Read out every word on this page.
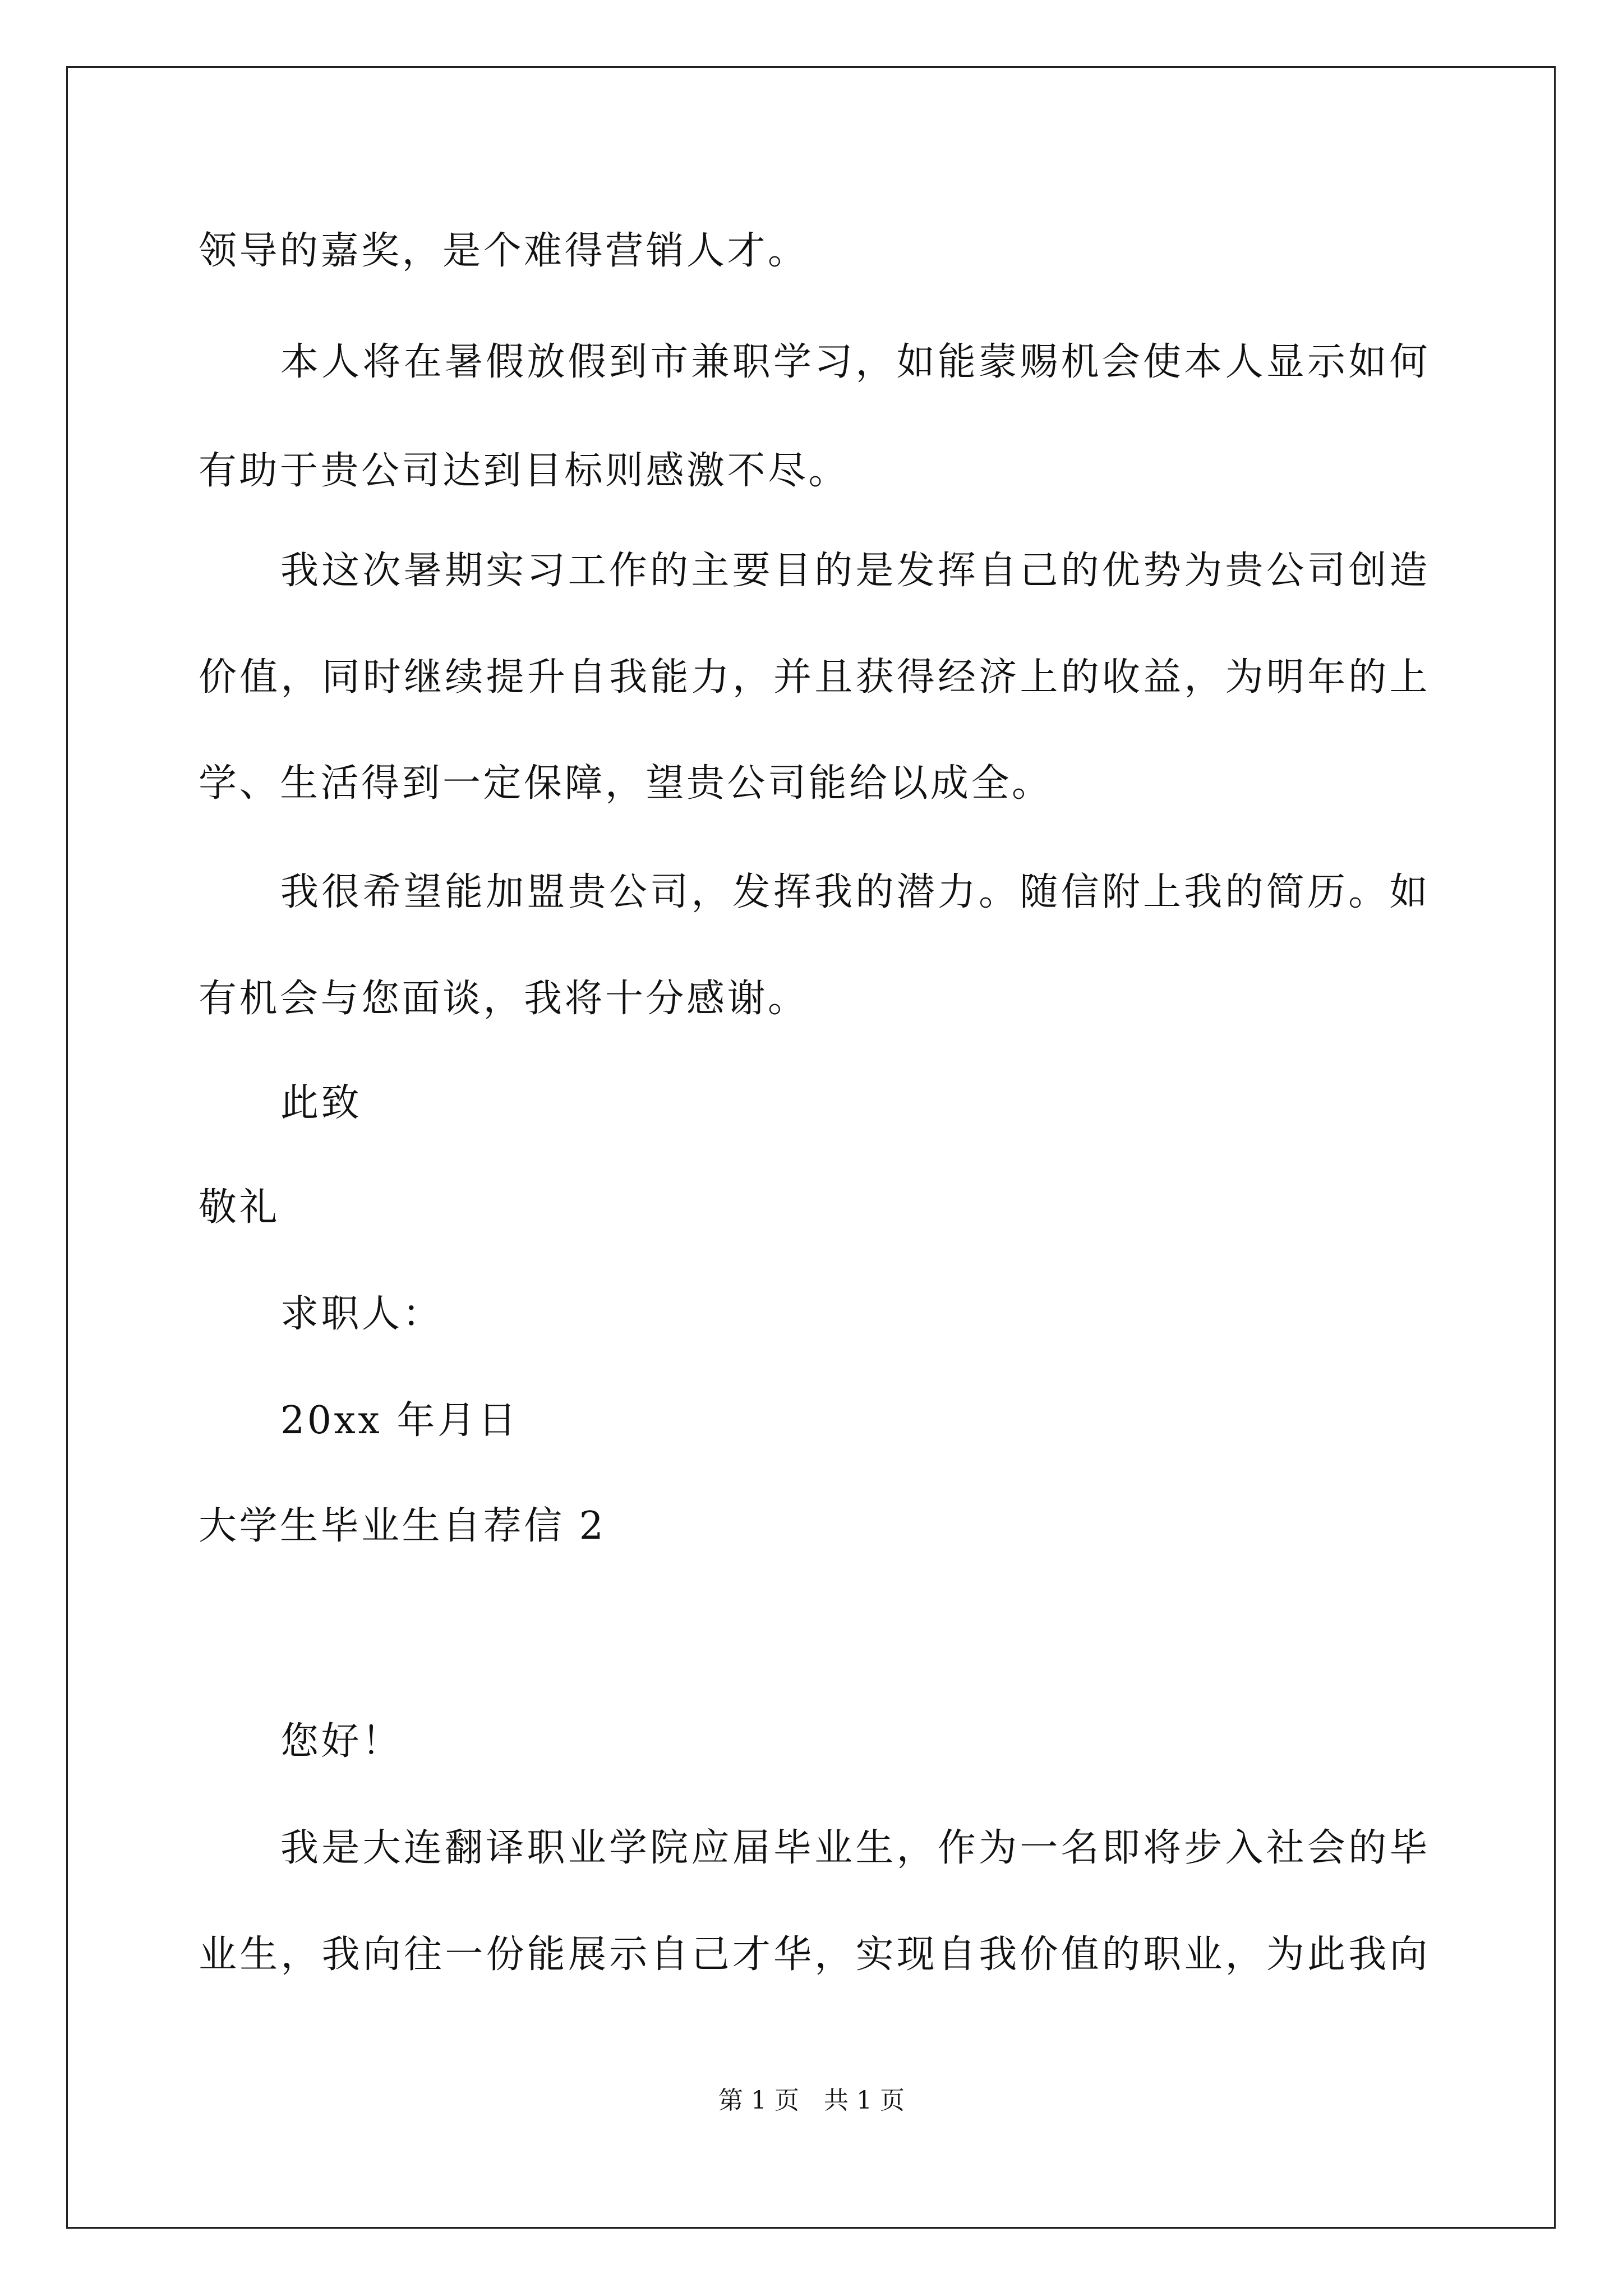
领导的嘉奖，是个难得营销人才。
本人将在暑假放假到市兼职学习，如能蒙赐机会使本人显示如何
有助于贵公司达到目标则感激不尽。
我这次暑期实习工作的主要目的是发挥自己的优势为贵公司创造
价值，同时继续提升自我能力，并且获得经济上的收益，为明年的上
学、生活得到一定保障，望贵公司能给以成全。
我很希望能加盟贵公司，发挥我的潜力。随信附上我的简历。如
有机会与您面谈，我将十分感谢。
此致
敬礼
求职人：
20xx 年月日
大学生毕业生自荐信 2
您好！
我是大连翻译职业学院应届毕业生，作为一名即将步入社会的毕
业生，我向往一份能展示自己才华，实现自我价值的职业，为此我向
第 1 页　共 1 页
